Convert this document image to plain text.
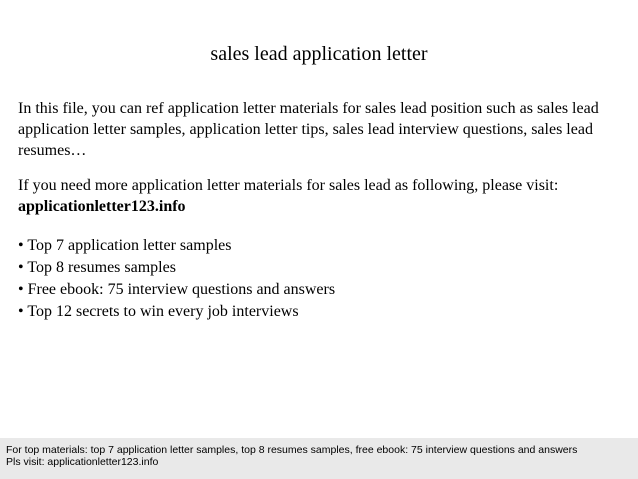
sales lead application letter

In this file, you can ref application letter materials for sales lead position such as sales lead application letter samples, application letter tips, sales lead interview questions, sales lead resumes…

If you need more application letter materials for sales lead as following, please visit:
applicationletter123.info

• Top 7 application letter samples
• Top 8 resumes samples
• Free ebook: 75 interview questions and answers
• Top 12 secrets to win every job interviews
For top materials: top 7 application letter samples, top 8 resumes samples, free ebook: 75 interview questions and answers
Pls visit: applicationletter123.info
